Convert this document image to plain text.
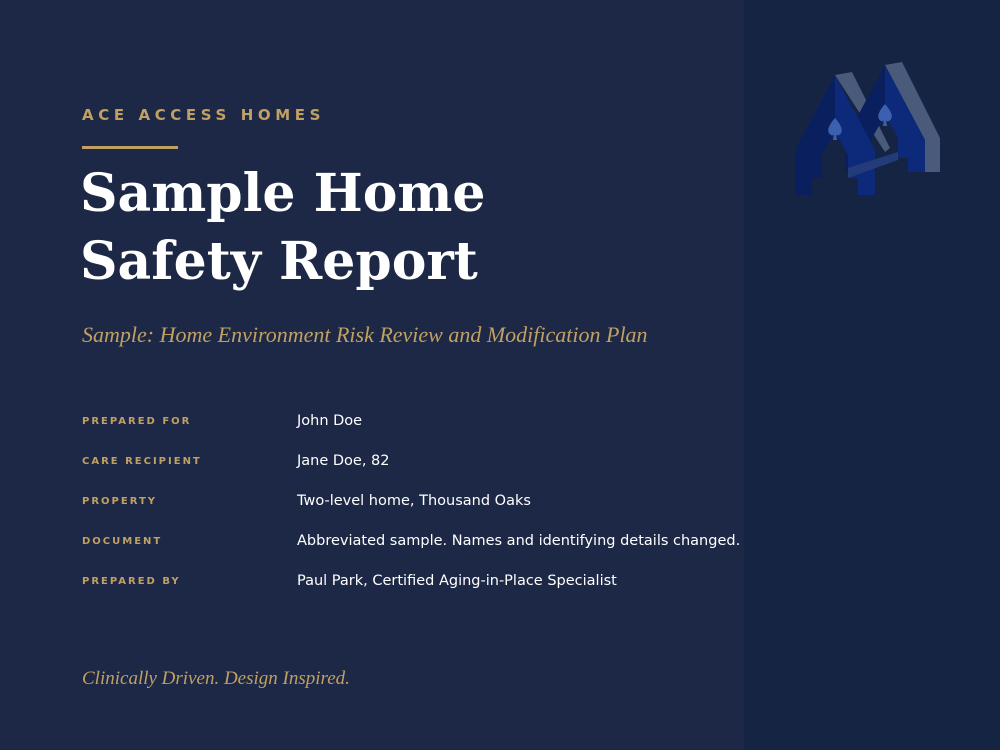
ACE ACCESS HOMES
Sample Home
Safety Report
Sample: Home Environment Risk Review and Modification Plan
PREPARED FOR	John Doe
CARE RECIPIENT	Jane Doe, 82
PROPERTY	Two-level home, Thousand Oaks
DOCUMENT	Abbreviated sample. Names and identifying details changed.
PREPARED BY	Paul Park, Certified Aging-in-Place Specialist
Clinically Driven. Design Inspired.
